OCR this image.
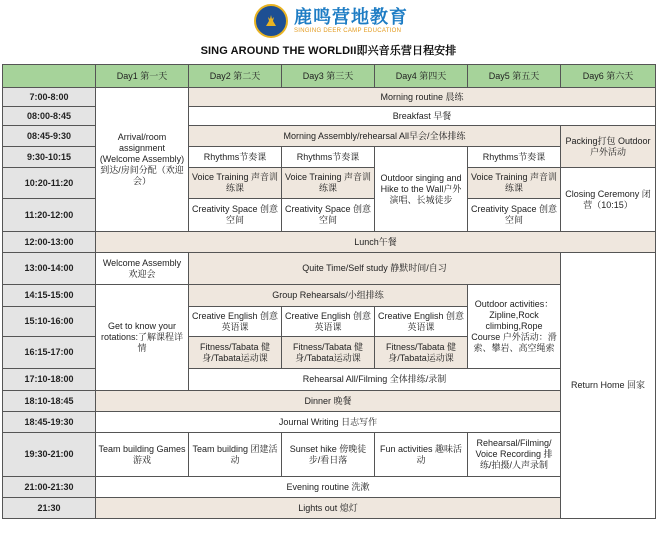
鹿鸣营地教育
SINGING DEER CAMP EDUCATION
SING AROUND THE WORLDII即兴音乐营日程安排
	Day1 第一天	Day2 第二天	Day3 第三天	Day4 第四天	Day5 第五天	Day6 第六天
7:00-8:00	Arrival/room assignment (Welcome Assembly) 到达/房间分配（欢迎会）	Morning routine 晨练				
08:00-8:45		Breakfast 早餐				
08:45-9:30		Morning Assembly/rehearsal All早会/全体排练				Packing打包 Outdoor户外活动
9:30-10:15		Rhythms节奏课	Rhythms节奏课	Outdoor singing and Hike to the Wall户外演唱、长城徒步	Rhythms节奏课	
10:20-11:20		Voice Training 声音训练课	Voice Training 声音训练课		Voice Training 声音训练课	Closing Ceremony 闭营（10:15）
11:20-12:00		Creativity Space 创意空间	Creativity Space 创意空间		Creativity Space 创意空间	
12:00-13:00	Lunch午餐					
13:00-14:00	Welcome Assembly 欢迎会	Quite Time/Self study 静默时间/自习				Return Home 回家
14:15-15:00	Get to know your rotations:了解课程详情	Group Rehearsals/小组排练			Outdoor activities：Zipline,Rock climbing,Rope Course 户外活动：滑索、攀岩、高空绳索	
15:10-16:00		Creative English 创意英语课	Creative English 创意英语课	Creative English 创意英语课		
16:15-17:00		Fitness/Tabata 健身/Tabata运动课	Fitness/Tabata 健身/Tabata运动课	Fitness/Tabata 健身/Tabata运动课		
17:10-18:00		Rehearsal All/Filming 全体排练/录制				
18:10-18:45	Dinner 晚餐					
18:45-19:30	Journal Writing 日志写作					
19:30-21:00	Team building Games 游戏	Team building 团建活动	Sunset hike 傍晚徒步/看日落	Fun activities 趣味活动	Rehearsal/Filming/ Voice Recording 排练/拍摄/人声录制	
21:00-21:30	Evening routine 洗漱					
21:30	Lights out 熄灯					
